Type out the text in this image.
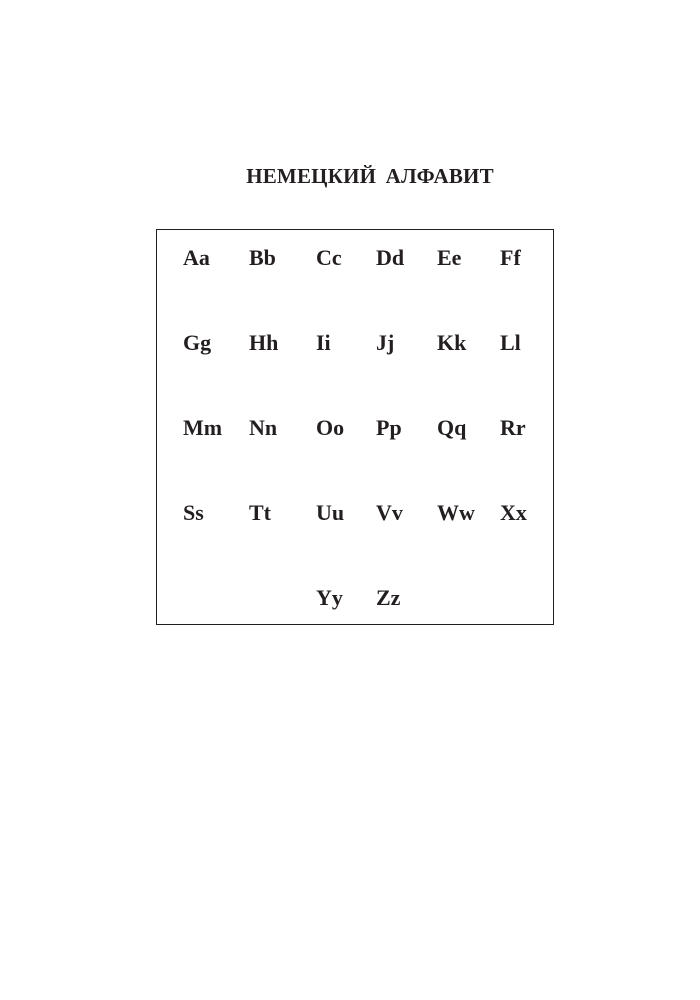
НЕМЕЦКИЙ АЛФАВИТ
Aa Bb Cc Dd Ee Ff
Gg Hh Ii Jj Kk Ll
Mm Nn Oo Pp Qq Rr
Ss Tt Uu Vv Ww Xx
Yy Zz
